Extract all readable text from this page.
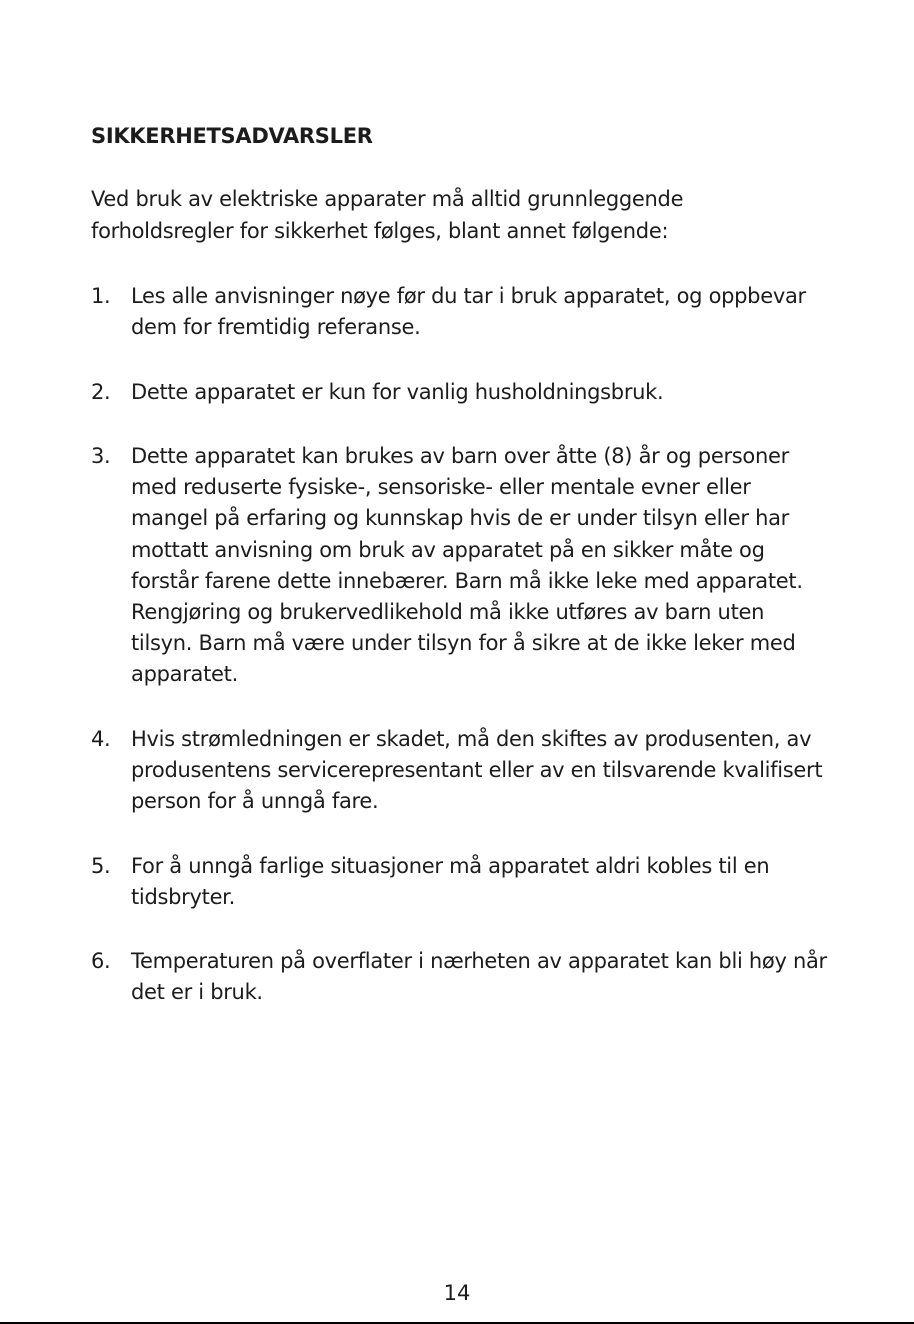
SIKKERHETSADVARSLER

Ved bruk av elektriske apparater må alltid grunnleggende forholdsregler for sikkerhet følges, blant annet følgende:

1. Les alle anvisninger nøye før du tar i bruk apparatet, og oppbevar dem for fremtidig referanse.
2. Dette apparatet er kun for vanlig husholdningsbruk.
3. Dette apparatet kan brukes av barn over åtte (8) år og personer med reduserte fysiske-, sensoriske- eller mentale evner eller mangel på erfaring og kunnskap hvis de er under tilsyn eller har mottatt anvisning om bruk av apparatet på en sikker måte og forstår farene dette innebærer. Barn må ikke leke med apparatet. Rengjøring og brukervedlikehold må ikke utføres av barn uten tilsyn. Barn må være under tilsyn for å sikre at de ikke leker med apparatet.
4. Hvis strømledningen er skadet, må den skiftes av produsenten, av produsentens servicerepresentant eller av en tilsvarende kvalifisert person for å unngå fare.
5. For å unngå farlige situasjoner må apparatet aldri kobles til en tidsbryter.
6. Temperaturen på overflater i nærheten av apparatet kan bli høy når det er i bruk.

14
